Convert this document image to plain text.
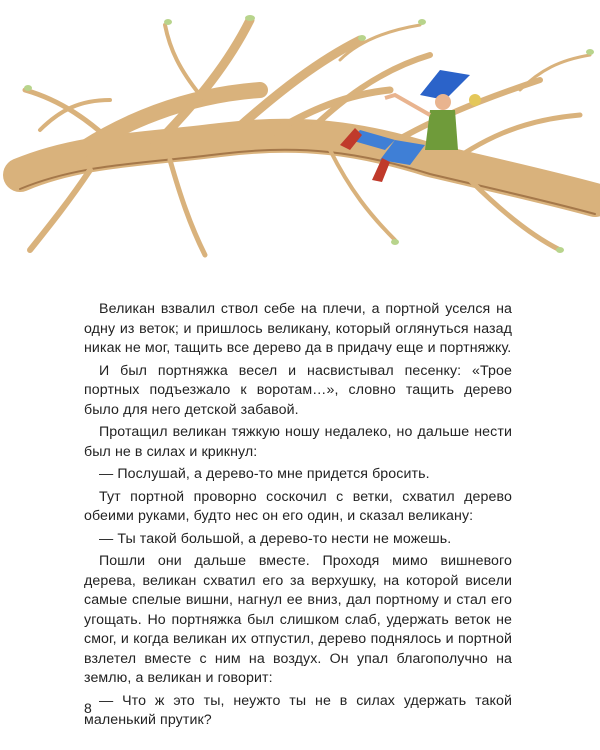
Великан взвалил ствол себе на плечи, а портной уселся на одну из веток; и пришлось великану, который оглянуться назад никак не мог, тащить все дерево да в придачу еще и портняжку.

И был портняжка весел и насвистывал песенку: «Трое портных подъезжало к воротам…», словно тащить дерево было для него детской забавой.

Протащил великан тяжкую ношу недалеко, но дальше нести был не в силах и крикнул:

— Послушай, а дерево-то мне придется бросить.

Тут портной проворно соскочил с ветки, схватил дерево обеими руками, будто нес он его один, и сказал великану:

— Ты такой большой, а дерево-то нести не можешь.

Пошли они дальше вместе. Проходя мимо вишневого дерева, великан схватил его за верхушку, на которой висели самые спелые вишни, нагнул ее вниз, дал портному и стал его угощать. Но портняжка был слишком слаб, удержать веток не смог, и когда великан их отпустил, дерево поднялось и портной взлетел вместе с ним на воздух. Он упал благополучно на землю, а великан и говорит:

— Что ж это ты, неужто ты не в силах удержать такой маленький прутик?

8
